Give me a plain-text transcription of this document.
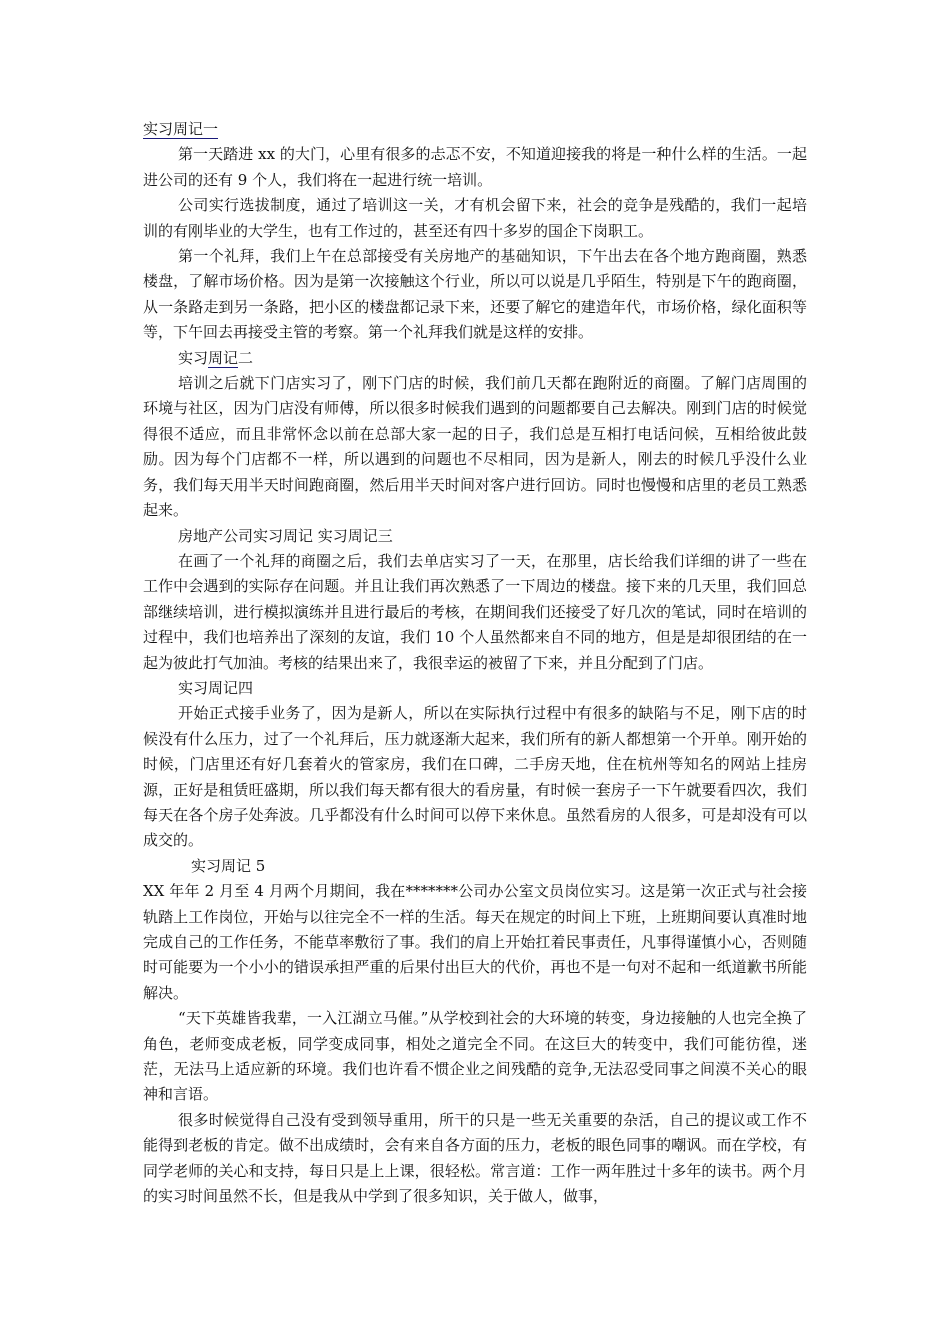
实习周记一

第一天踏进 xx 的大门，心里有很多的忐忑不安，不知道迎接我的将是一种什么样的生活。一起进公司的还有 9 个人，我们将在一起进行统一培训。

公司实行选拔制度，通过了培训这一关，才有机会留下来，社会的竞争是残酷的，我们一起培训的有刚毕业的大学生，也有工作过的，甚至还有四十多岁的国企下岗职工。

第一个礼拜，我们上午在总部接受有关房地产的基础知识，下午出去在各个地方跑商圈，熟悉楼盘，了解市场价格。因为是第一次接触这个行业，所以可以说是几乎陌生，特别是下午的跑商圈，从一条路走到另一条路，把小区的楼盘都记录下来，还要了解它的建造年代，市场价格，绿化面积等等，下午回去再接受主管的考察。第一个礼拜我们就是这样的安排。

实习周记二

培训之后就下门店实习了，刚下门店的时候，我们前几天都在跑附近的商圈。了解门店周围的环境与社区，因为门店没有师傅，所以很多时候我们遇到的问题都要自己去解决。刚到门店的时候觉得很不适应，而且非常怀念以前在总部大家一起的日子，我们总是互相打电话问候，互相给彼此鼓励。因为每个门店都不一样，所以遇到的问题也不尽相同，因为是新人，刚去的时候几乎没什么业务，我们每天用半天时间跑商圈，然后用半天时间对客户进行回访。同时也慢慢和店里的老员工熟悉起来。

房地产公司实习周记 实习周记三

在画了一个礼拜的商圈之后，我们去单店实习了一天，在那里，店长给我们详细的讲了一些在工作中会遇到的实际存在问题。并且让我们再次熟悉了一下周边的楼盘。接下来的几天里，我们回总部继续培训，进行模拟演练并且进行最后的考核，在期间我们还接受了好几次的笔试，同时在培训的过程中，我们也培养出了深刻的友谊，我们 10 个人虽然都来自不同的地方，但是是却很团结的在一起为彼此打气加油。考核的结果出来了，我很幸运的被留了下来，并且分配到了门店。

实习周记四

开始正式接手业务了，因为是新人，所以在实际执行过程中有很多的缺陷与不足，刚下店的时候没有什么压力，过了一个礼拜后，压力就逐渐大起来，我们所有的新人都想第一个开单。刚开始的时候，门店里还有好几套着火的管家房，我们在口碑，二手房天地，住在杭州等知名的网站上挂房源，正好是租赁旺盛期，所以我们每天都有很大的看房量，有时候一套房子一下午就要看四次，我们每天在各个房子处奔波。几乎都没有什么时间可以停下来休息。虽然看房的人很多，可是却没有可以成交的。

实习周记 5

XX 年年 2 月至 4 月两个月期间，我在*******公司办公室文员岗位实习。这是第一次正式与社会接轨踏上工作岗位，开始与以往完全不一样的生活。每天在规定的时间上下班，上班期间要认真准时地完成自己的工作任务，不能草率敷衍了事。我们的肩上开始扛着民事责任，凡事得谨慎小心，否则随时可能要为一个小小的错误承担严重的后果付出巨大的代价，再也不是一句对不起和一纸道歉书所能解决。

“天下英雄皆我辈，一入江湖立马催。”从学校到社会的大环境的转变，身边接触的人也完全换了角色，老师变成老板，同学变成同事，相处之道完全不同。在这巨大的转变中，我们可能彷徨，迷茫，无法马上适应新的环境。我们也许看不惯企业之间残酷的竞争,无法忍受同事之间漠不关心的眼神和言语。

很多时候觉得自己没有受到领导重用，所干的只是一些无关重要的杂活，自己的提议或工作不能得到老板的肯定。做不出成绩时，会有来自各方面的压力，老板的眼色同事的嘲讽。而在学校，有同学老师的关心和支持，每日只是上上课，很轻松。常言道：工作一两年胜过十多年的读书。两个月的实习时间虽然不长，但是我从中学到了很多知识，关于做人，做事，
